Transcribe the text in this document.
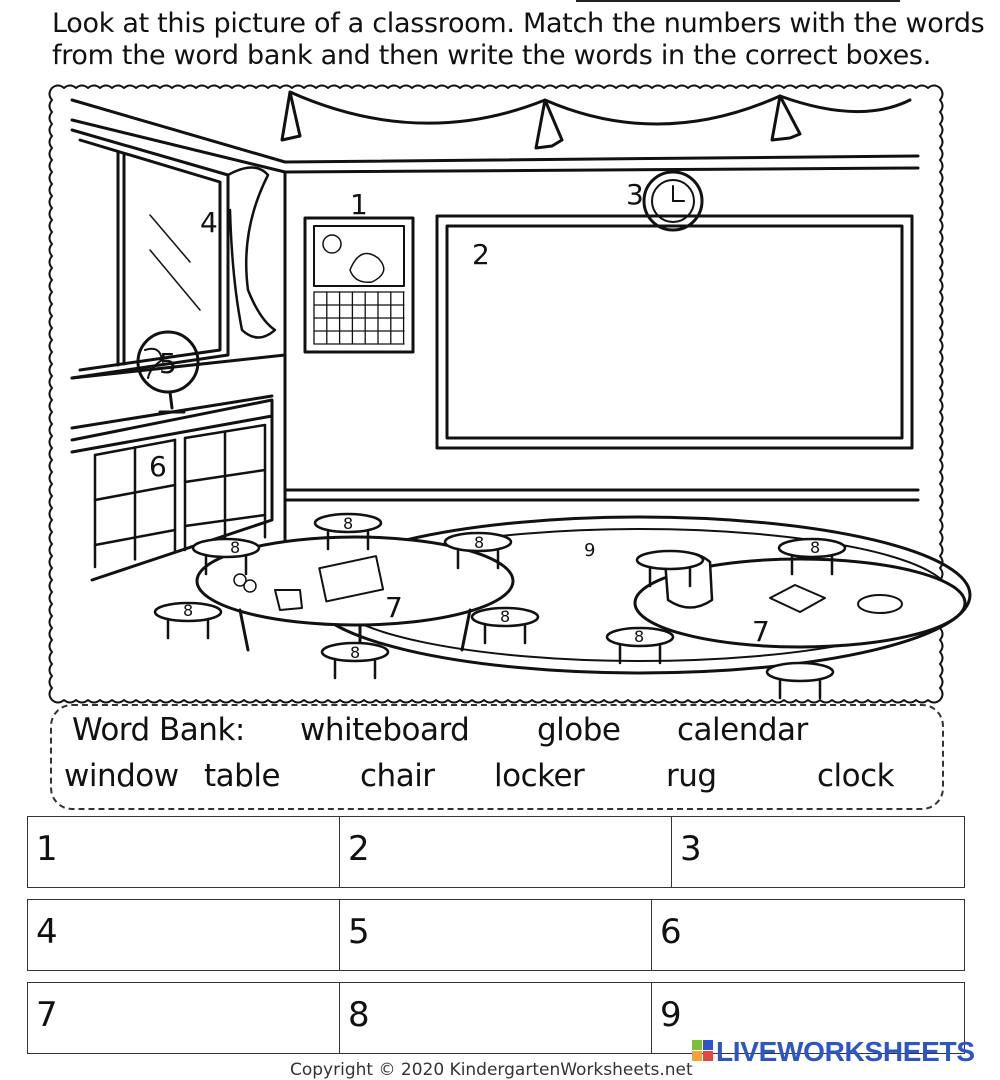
Look at this picture of a classroom. Match the numbers with the words
from the word bank and then write the words in the correct boxes.
1
2
3
4
5
6
7
7
9
8
8
8	8
8	8
8
8
Word Bank: whiteboard globe calendar
window table	chair locker	rug	clock
1	2	3
4	5	6
7	8	9
LIVEWORKSHEETS
Copyright © 2020 KindergartenWorksheets.net
